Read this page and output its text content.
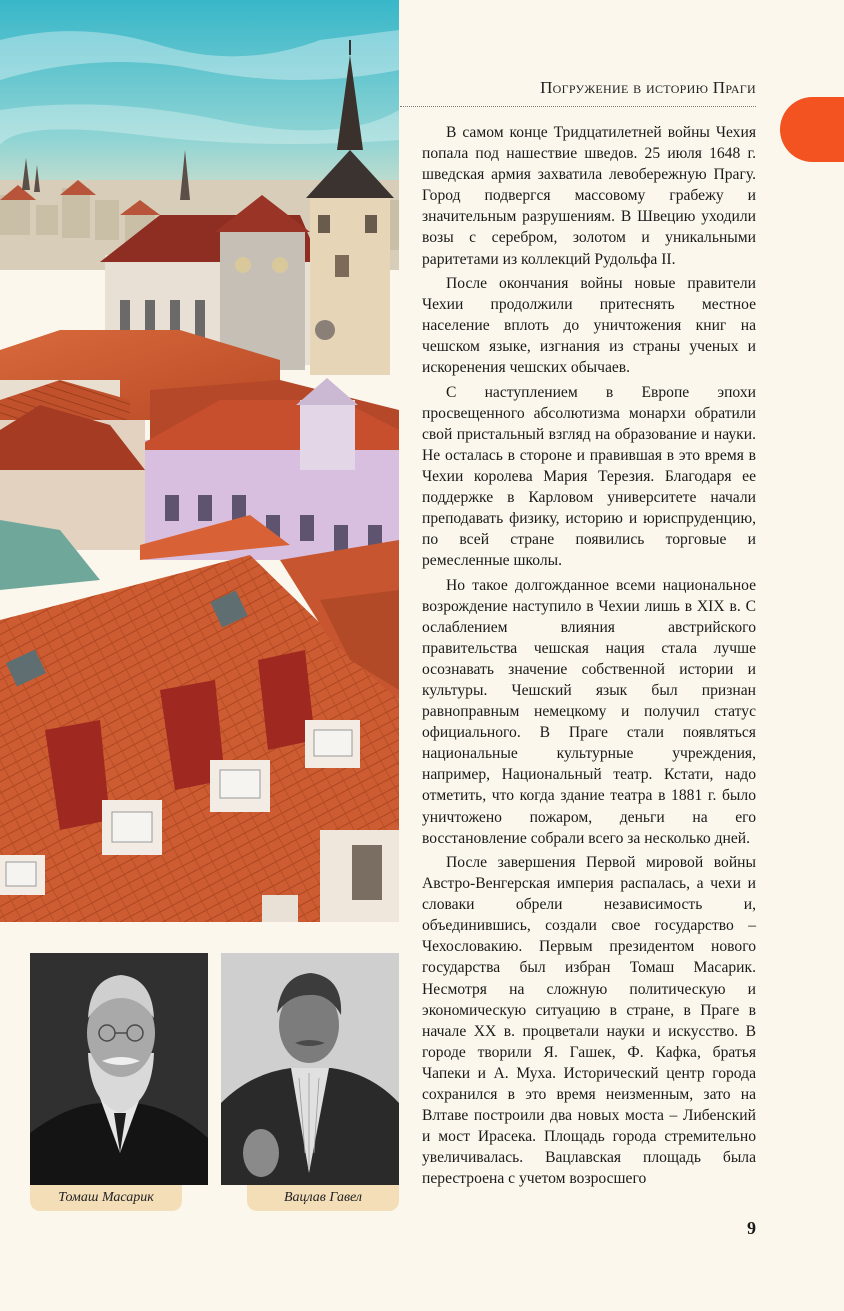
Томаш Масарик	Вацлав Гавел
Погружение в историю Праги

В самом конце Тридцатилетней войны Чехия попала под нашествие шведов. 25 июля 1648 г. шведская армия захватила левобережную Прагу. Город подвергся массовому грабежу и значительным разрушениям. В Швецию уходили возы с серебром, золотом и уникальными раритетами из коллекций Рудольфа II.

После окончания войны новые правители Чехии продолжили притеснять местное население вплоть до уничтожения книг на чешском языке, изгнания из страны ученых и искоренения чешских обычаев.

С наступлением в Европе эпохи просвещенного абсолютизма монархи обратили свой пристальный взгляд на образование и науки. Не осталась в стороне и правившая в это время в Чехии королева Мария Терезия. Благодаря ее поддержке в Карловом университете начали преподавать физику, историю и юриспруденцию, по всей стране появились торговые и ремесленные школы.

Но такое долгожданное всеми национальное возрождение наступило в Чехии лишь в XIX в. С ослаблением влияния австрийского правительства чешская нация стала лучше осознавать значение собственной истории и культуры. Чешский язык был признан равноправным немецкому и получил статус официального. В Праге стали появляться национальные культурные учреждения, например, Национальный театр. Кстати, надо отметить, что когда здание театра в 1881 г. было уничтожено пожаром, деньги на его восстановление собрали всего за несколько дней.

После завершения Первой мировой войны Австро-Венгерская империя распалась, а чехи и словаки обрели независимость и, объединившись, создали свое государство – Чехословакию. Первым президентом нового государства был избран Томаш Масарик. Несмотря на сложную политическую и экономическую ситуацию в стране, в Праге в начале XX в. процветали науки и искусство. В городе творили Я. Гашек, Ф. Кафка, братья Чапеки и А. Муха. Исторический центр города сохранился в это время неизменным, зато на Влтаве построили два новых моста – Либенский и мост Ирасека. Площадь города стремительно увеличивалась. Вацлавская площадь была перестроена с учетом возросшего

9
